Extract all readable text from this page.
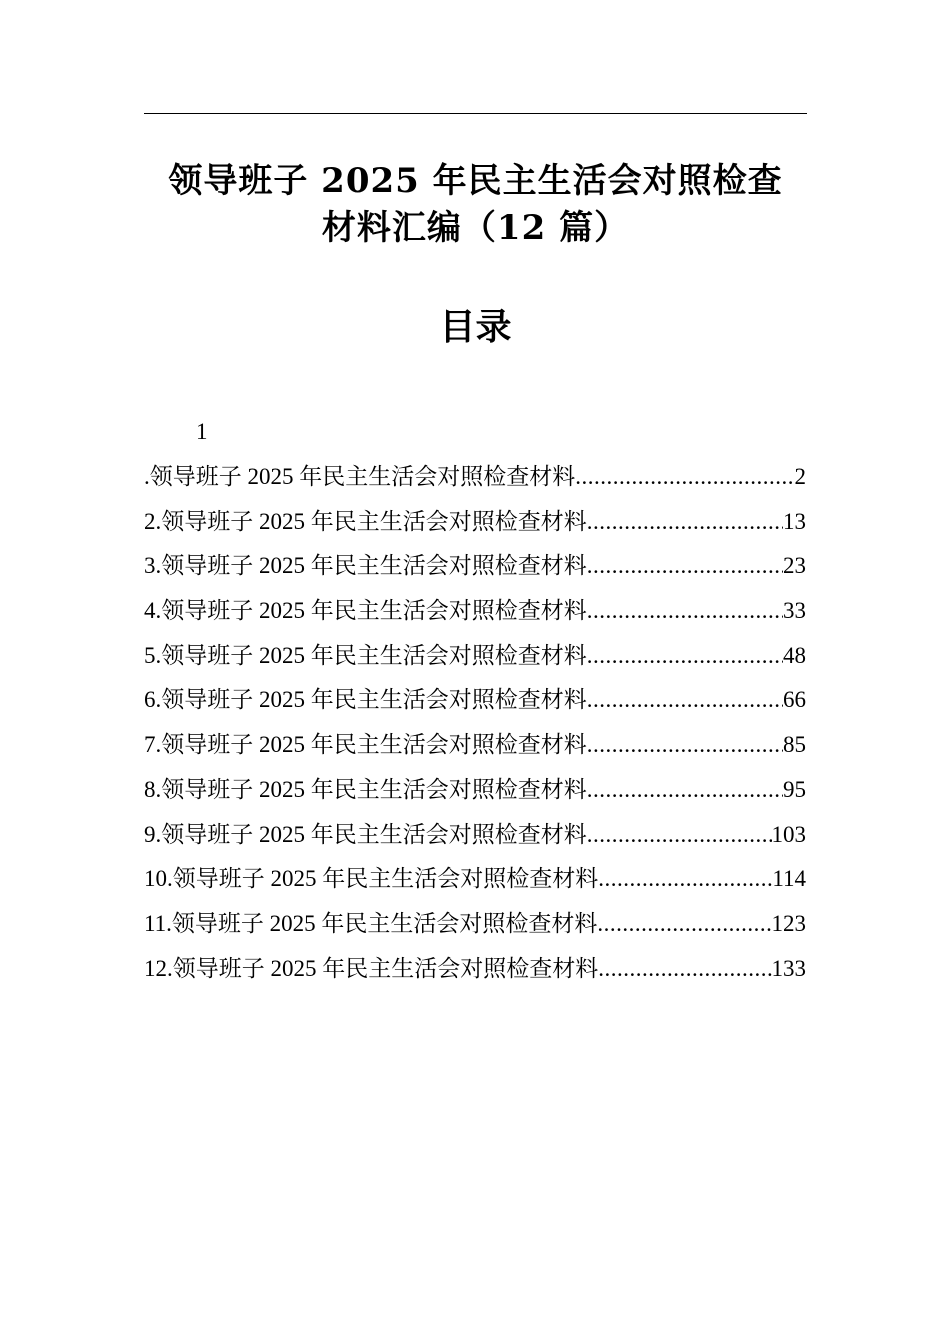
领导班子 2025 年民主生活会对照检查
材料汇编（12 篇）
目录
1
.领导班子 2025 年民主生活会对照检查材料 .....	2
2.领导班子 2025 年民主生活会对照检查材料 .....	13
3.领导班子 2025 年民主生活会对照检查材料 .....	23
4.领导班子 2025 年民主生活会对照检查材料 .....	33
5.领导班子 2025 年民主生活会对照检查材料 .....	48
6.领导班子 2025 年民主生活会对照检查材料 .....	66
7.领导班子 2025 年民主生活会对照检查材料 .....	85
8.领导班子 2025 年民主生活会对照检查材料 .....	95
9.领导班子 2025 年民主生活会对照检查材料 .....	103
10.领导班子 2025 年民主生活会对照检查材料 .....	114
11.领导班子 2025 年民主生活会对照检查材料 .....	123
12.领导班子 2025 年民主生活会对照检查材料 .....	133
